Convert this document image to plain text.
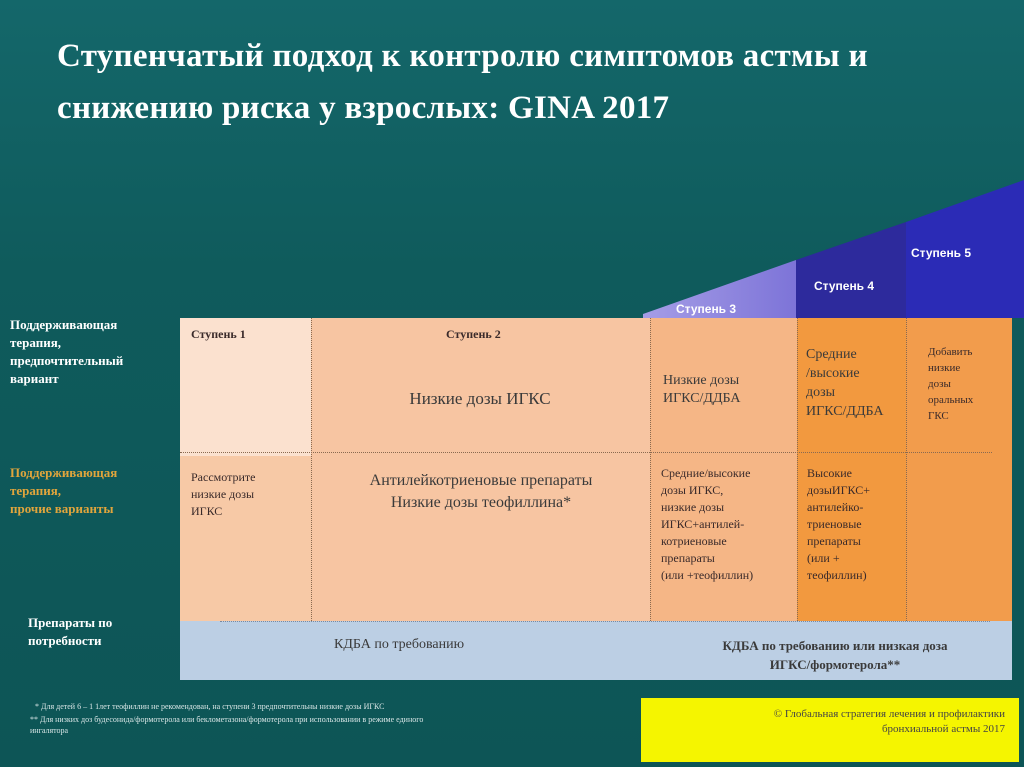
Ступенчатый подход к контролю симптомов астмы и снижению риска у взрослых: GINA 2017
Ступень 3
Ступень 4
Ступень 5
Поддерживающая
терапия,
предпочтительный
вариант
Поддерживающая
терапия,
прочие варианты
Препараты по
потребности
Ступень 1	Ступень 2
Низкие дозы ИГКС
Низкие дозы
ИГКС/ДДБА
Средние
/высокие
дозы
ИГКС/ДДБА
Добавить
низкие
дозы
оральных
ГКС
Рассмотрите
низкие дозы
ИГКС
Антилейкотриеновые препараты
Низкие дозы теофиллина*
Средние/высокие
дозы ИГКС,
низкие дозы
ИГКС+антилей-
котриеновые
препараты
(или +теофиллин)
Высокие
дозыИГКС+
антилейко-
триеновые
препараты
(или +
теофиллин)
КДБА по требованию	КДБА по требованию или низкая доза
ИГКС/формотерола**
* Для детей 6 – 1 1лет теофиллин не рекомендован, на ступени 3 предпочтительны низкие дозы ИГКС
** Для низких доз будесонида/формотерола или беклометазона/формотерола при использовании в режиме единого
ингалятора
© Глобальная стратегия лечения и профилактики
бронхиальной астмы 2017
